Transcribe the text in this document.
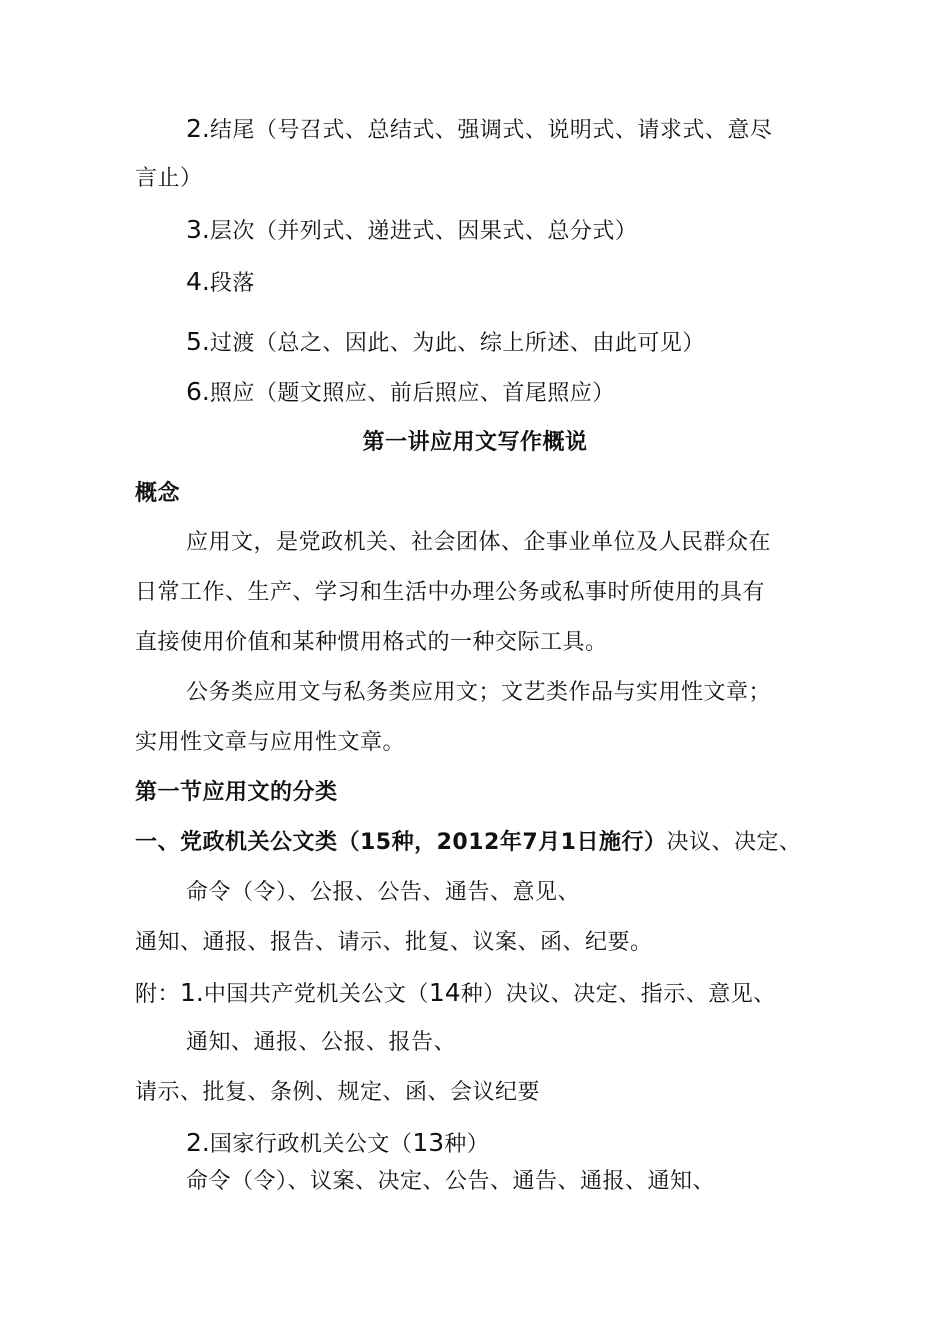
2.结尾（号召式、总结式、强调式、说明式、请求式、意尽

言止）

3.层次（并列式、递进式、因果式、总分式）

4.段落

5.过渡（总之、因此、为此、综上所述、由此可见）

6.照应（题文照应、前后照应、首尾照应）

第一讲应用文写作概说

概念

应用文，是党政机关、社会团体、企事业单位及人民群众在

日常工作、生产、学习和生活中办理公务或私事时所使用的具有

直接使用价值和某种惯用格式的一种交际工具。

公务类应用文与私务类应用文；文艺类作品与实用性文章；

实用性文章与应用性文章。

第一节应用文的分类

一、党政机关公文类（15种，2012年7月1日施行）决议、决定、

命令（令）、公报、公告、通告、意见、

通知、通报、报告、请示、批复、议案、函、纪要。

附：1.中国共产党机关公文（14种）决议、决定、指示、意见、

通知、通报、公报、报告、

请示、批复、条例、规定、函、会议纪要

2.国家行政机关公文（13种）

命令（令）、议案、决定、公告、通告、通报、通知、
